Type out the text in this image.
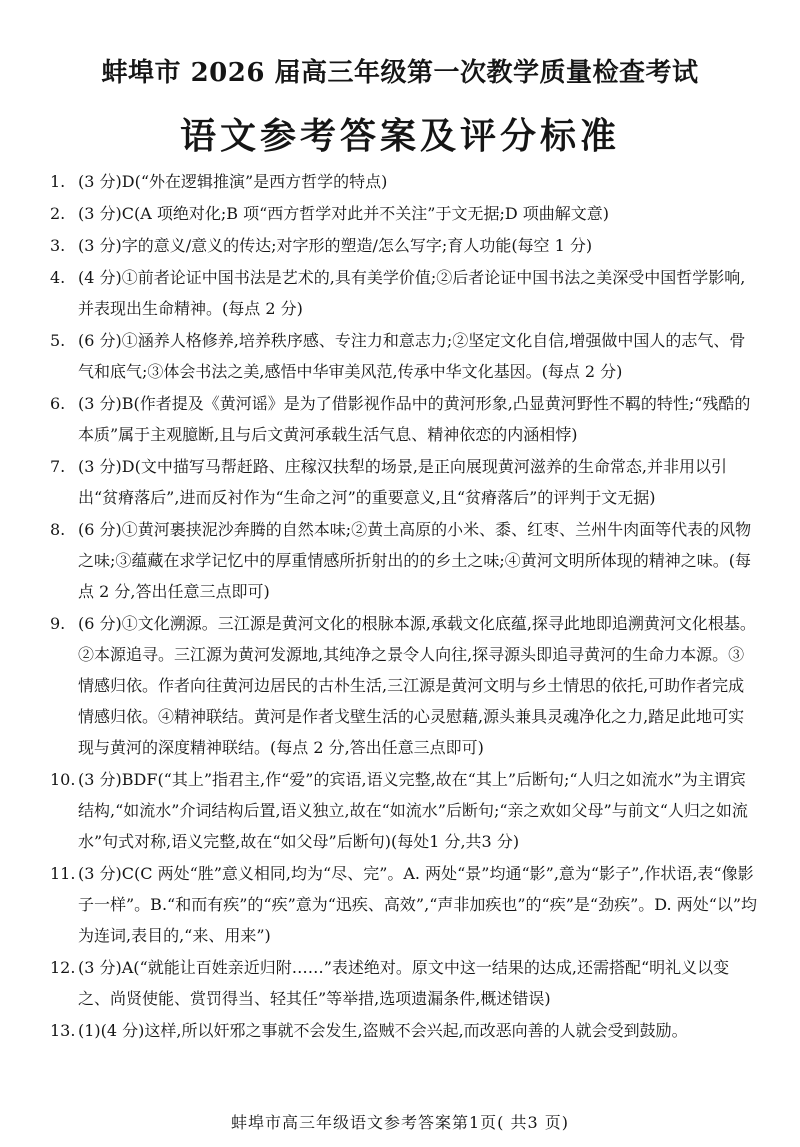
蚌埠市 2026 届高三年级第一次教学质量检查考试
语文参考答案及评分标准
1. (3 分)D(“外在逻辑推演”是西方哲学的特点)
2. (3 分)C(A 项绝对化;B 项“西方哲学对此并不关注”于文无据;D 项曲解文意)
3. (3 分)字的意义/意义的传达;对字形的塑造/怎么写字;育人功能(每空 1 分)
4. (4 分)①前者论证中国书法是艺术的,具有美学价值;②后者论证中国书法之美深受中国哲学影响,并表现出生命精神。(每点 2 分)
5. (6 分)①涵养人格修养,培养秩序感、专注力和意志力;②坚定文化自信,增强做中国人的志气、骨气和底气;③体会书法之美,感悟中华审美风范,传承中华文化基因。(每点 2 分)
6. (3 分)B(作者提及《黄河谣》是为了借影视作品中的黄河形象,凸显黄河野性不羁的特性;“残酷的本质”属于主观臆断,且与后文黄河承载生活气息、精神依恋的内涵相悖)
7. (3 分)D(文中描写马帮赶路、庄稼汉扶犁的场景,是正向展现黄河滋养的生命常态,并非用以引出“贫瘠落后”,进而反衬作为“生命之河”的重要意义,且“贫瘠落后”的评判于文无据)
8. (6 分)①黄河裹挟泥沙奔腾的自然本味;②黄土高原的小米、黍、红枣、兰州牛肉面等代表的风物之味;③蕴藏在求学记忆中的厚重情感所折射出的的乡土之味;④黄河文明所体现的精神之味。(每点 2 分,答出任意三点即可)
9. (6 分)①文化溯源。三江源是黄河文化的根脉本源,承载文化底蕴,探寻此地即追溯黄河文化根基。②本源追寻。三江源为黄河发源地,其纯净之景令人向往,探寻源头即追寻黄河的生命力本源。③情感归依。作者向往黄河边居民的古朴生活,三江源是黄河文明与乡土情思的依托,可助作者完成情感归依。④精神联结。黄河是作者戈壁生活的心灵慰藉,源头兼具灵魂净化之力,踏足此地可实现与黄河的深度精神联结。(每点 2 分,答出任意三点即可)
10. (3 分)BDF(“其上”指君主,作“爱”的宾语,语义完整,故在“其上”后断句;“人归之如流水”为主谓宾结构,“如流水”介词结构后置,语义独立,故在“如流水”后断句;“亲之欢如父母”与前文“人归之如流水”句式对称,语义完整,故在“如父母”后断句)(每处1 分,共3 分)
11. (3 分)C(C 两处“胜”意义相同,均为“尽、完”。A. 两处“景”均通“影”,意为“影子”,作状语,表“像影子一样”。B.“和而有疾”的“疾”意为“迅疾、高效”,“声非加疾也”的“疾”是“劲疾”。D. 两处“以”均为连词,表目的,“来、用来”)
12. (3 分)A(“就能让百姓亲近归附……”表述绝对。原文中这一结果的达成,还需搭配“明礼义以变之、尚贤使能、赏罚得当、轻其任”等举措,选项遗漏条件,概述错误)
13. (1)(4 分)这样,所以奸邪之事就不会发生,盗贼不会兴起,而改恶向善的人就会受到鼓励。
蚌埠市高三年级语文参考答案第1页( 共3 页)
